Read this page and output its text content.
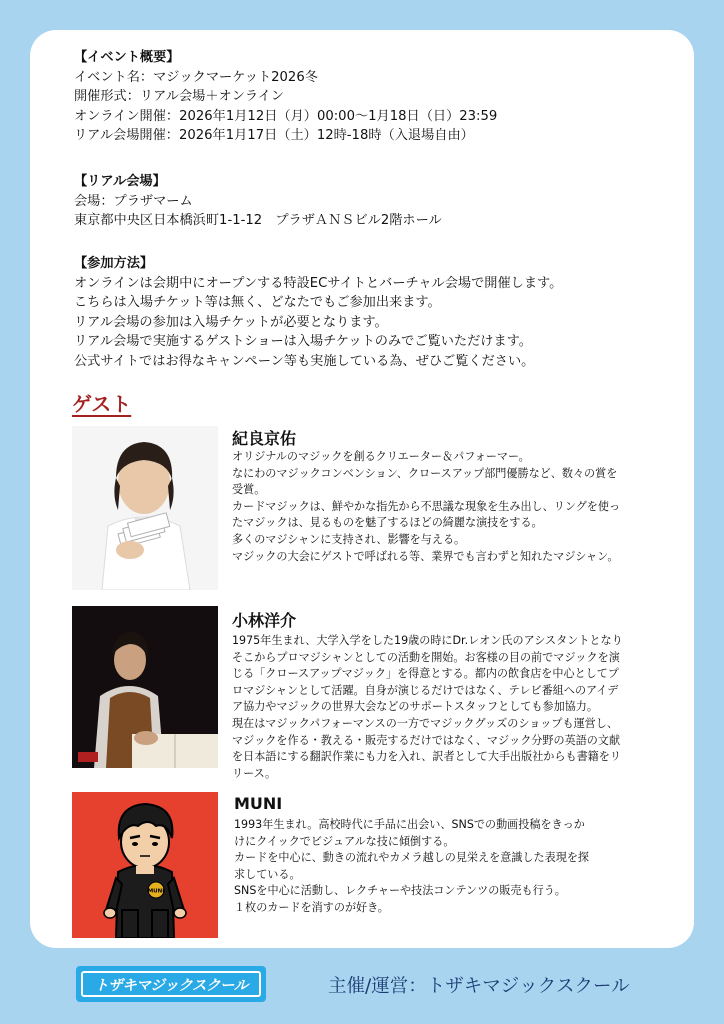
【イベント概要】
イベント名：マジックマーケット2026冬
開催形式：リアル会場＋オンライン
オンライン開催：2026年1月12日（月）00:00～1月18日（日）23:59
リアル会場開催：2026年1月17日（土）12時-18時（入退場自由）
【リアル会場】
会場：プラザマーム
東京都中央区日本橋浜町1-1-12　プラザＡＮＳビル2階ホール
【参加方法】
オンラインは会期中にオープンする特設ECサイトとバーチャル会場で開催します。
こちらは入場チケット等は無く、どなたでもご参加出来ます。
リアル会場の参加は入場チケットが必要となります。
リアル会場で実施するゲストショーは入場チケットのみでご覧いただけます。
公式サイトではお得なキャンペーン等も実施している為、ぜひご覧ください。
ゲスト
紀良京佑
オリジナルのマジックを創るクリエーター＆パフォーマー。
なにわのマジックコンベンション、クロースアップ部門優勝など、数々の賞を
受賞。
カードマジックは、鮮やかな指先から不思議な現象を生み出し、リングを使っ
たマジックは、見るものを魅了するほどの綺麗な演技をする。
多くのマジシャンに支持され、影響を与える。
マジックの大会にゲストで呼ばれる等、業界でも言わずと知れたマジシャン。
小林洋介
1975年生まれ、大学入学をした19歳の時にDr.レオン氏のアシスタントとなり
そこからプロマジシャンとしての活動を開始。お客様の目の前でマジックを演
じる「クロースアップマジック」を得意とする。都内の飲食店を中心としてプ
ロマジシャンとして活躍。自身が演じるだけではなく、テレビ番組へのアイデ
ア協力やマジックの世界大会などのサポートスタッフとしても参加協力。
現在はマジックパフォーマンスの一方でマジックグッズのショップも運営し、
マジックを作る・教える・販売するだけではなく、マジック分野の英語の文献
を日本語にする翻訳作業にも力を入れ、訳者として大手出版社からも書籍をリ
リース。
MUNI
MUNI
1993年生まれ。高校時代に手品に出会い、SNSでの動画投稿をきっか
けにクイックでビジュアルな技に傾倒する。
カードを中心に、動きの流れやカメラ越しの見栄えを意識した表現を探
求している。
SNSを中心に活動し、レクチャーや技法コンテンツの販売も行う。
１枚のカードを消すのが好き。
トザキマジックスクール	主催/運営：トザキマジックスクール
